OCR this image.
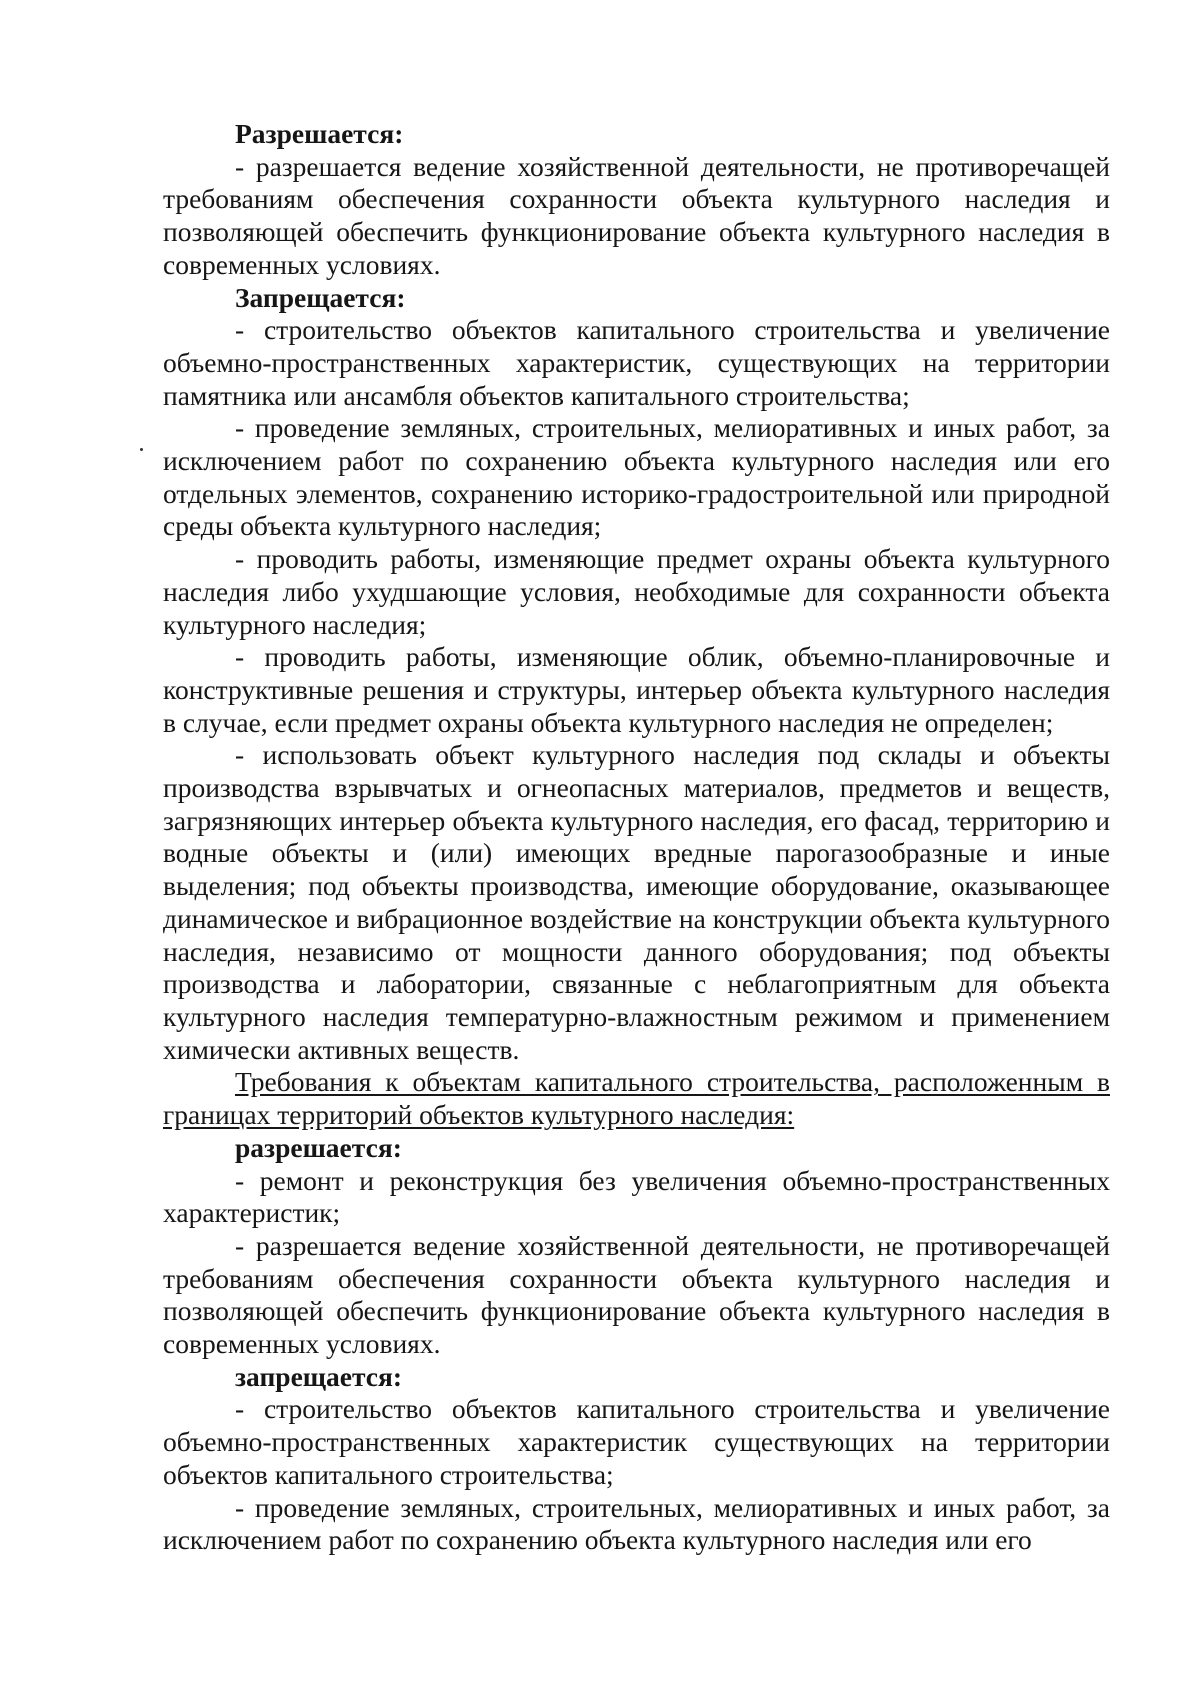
Разрешается:

- разрешается ведение хозяйственной деятельности, не противоречащей требованиям обеспечения сохранности объекта культурного наследия и позволяющей обеспечить функционирование объекта культурного наследия в современных условиях.

Запрещается:

- строительство объектов капитального строительства и увеличение объемно-пространственных характеристик, существующих на территории памятника или ансамбля объектов капитального строительства;

- проведение земляных, строительных, мелиоративных и иных работ, за исключением работ по сохранению объекта культурного наследия или его отдельных элементов, сохранению историко-градостроительной или природной среды объекта культурного наследия;

- проводить работы, изменяющие предмет охраны объекта культурного наследия либо ухудшающие условия, необходимые для сохранности объекта культурного наследия;

- проводить работы, изменяющие облик, объемно-планировочные и конструктивные решения и структуры, интерьер объекта культурного наследия в случае, если предмет охраны объекта культурного наследия не определен;

- использовать объект культурного наследия под склады и объекты производства взрывчатых и огнеопасных материалов, предметов и веществ, загрязняющих интерьер объекта культурного наследия, его фасад, территорию и водные объекты и (или) имеющих вредные парогазообразные и иные выделения; под объекты производства, имеющие оборудование, оказывающее динамическое и вибрационное воздействие на конструкции объекта культурного наследия, независимо от мощности данного оборудования; под объекты производства и лаборатории, связанные с неблагоприятным для объекта культурного наследия температурно-влажностным режимом и применением химически активных веществ.

Требования к объектам капитального строительства, расположенным в границах территорий объектов культурного наследия:

разрешается:

- ремонт и реконструкция без увеличения объемно-пространственных характеристик;

- разрешается ведение хозяйственной деятельности, не противоречащей требованиям обеспечения сохранности объекта культурного наследия и позволяющей обеспечить функционирование объекта культурного наследия в современных условиях.

запрещается:

- строительство объектов капитального строительства и увеличение объемно-пространственных характеристик существующих на территории объектов капитального строительства;

- проведение земляных, строительных, мелиоративных и иных работ, за исключением работ по сохранению объекта культурного наследия или его
